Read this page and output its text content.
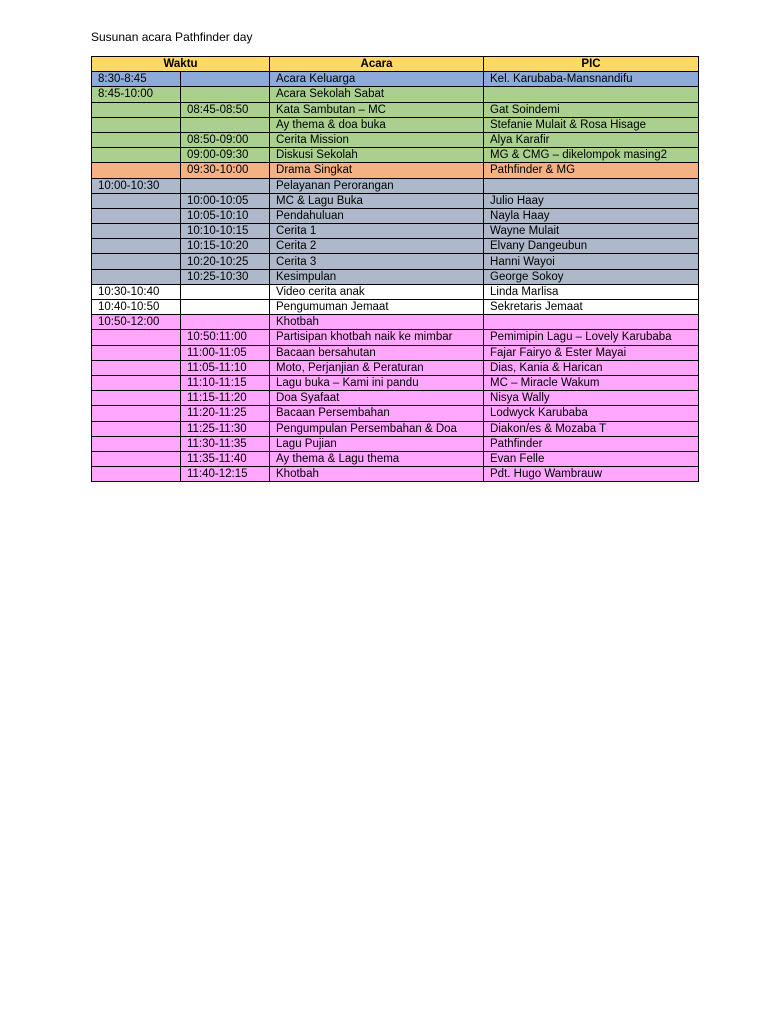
Susunan acara Pathfinder day
Waktu		Acara	PIC
8:30-8:45		Acara Keluarga	Kel. Karubaba-Mansnandifu
8:45-10:00		Acara Sekolah Sabat	
	08:45-08:50	Kata Sambutan – MC	Gat Soindemi
		Ay thema & doa buka	Stefanie Mulait & Rosa Hisage
	08:50-09:00	Cerita Mission	Alya Karafir
	09:00-09:30	Diskusi Sekolah	MG & CMG – dikelompok masing2
	09:30-10:00	Drama Singkat	Pathfinder & MG
10:00-10:30		Pelayanan Perorangan	
	10:00-10:05	MC & Lagu Buka	Julio Haay
	10:05-10:10	Pendahuluan	Nayla Haay
	10:10-10:15	Cerita 1	Wayne Mulait
	10:15-10:20	Cerita 2	Elvany Dangeubun
	10:20-10:25	Cerita 3	Hanni Wayoi
	10:25-10:30	Kesimpulan	George Sokoy
10:30-10:40		Video cerita anak	Linda Marlisa
10:40-10:50		Pengumuman Jemaat	Sekretaris Jemaat
10:50-12:00		Khotbah	
	10:50:11:00	Partisipan khotbah naik ke mimbar	Pemimipin Lagu – Lovely Karubaba
	11:00-11:05	Bacaan bersahutan	Fajar Fairyo & Ester Mayai
	11:05-11:10	Moto, Perjanjian & Peraturan	Dias, Kania & Harican
	11:10-11:15	Lagu buka – Kami ini pandu	MC – Miracle Wakum
	11:15-11:20	Doa Syafaat	Nisya Wally
	11:20-11:25	Bacaan Persembahan	Lodwyck Karubaba
	11:25-11:30	Pengumpulan Persembahan & Doa	Diakon/es & Mozaba T
	11:30-11:35	Lagu Pujian	Pathfinder
	11:35-11:40	Ay thema & Lagu thema	Evan Felle
	11:40-12:15	Khotbah	Pdt. Hugo Wambrauw
